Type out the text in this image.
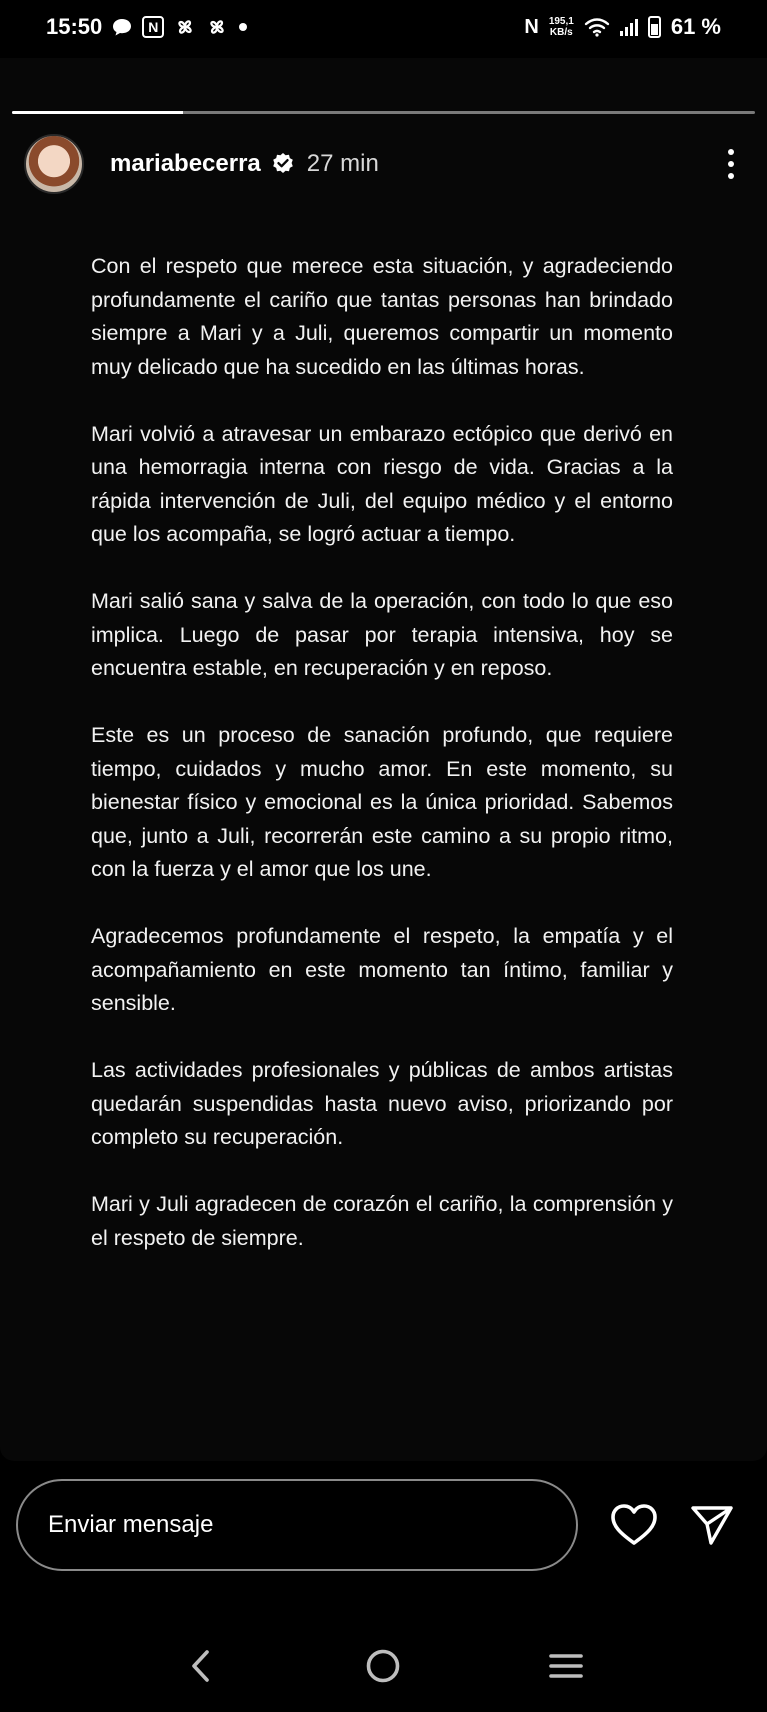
15:50	N	N 195,1
KB/s	61 %
mariabecerra 27 min

Con el respeto que merece esta situación, y agradeciendo profundamente el cariño que tantas personas han brindado siempre a Mari y a Juli, queremos compartir un momento muy delicado que ha sucedido en las últimas horas.

Mari volvió a atravesar un embarazo ectópico que derivó en una hemorragia interna con riesgo de vida. Gracias a la rápida intervención de Juli, del equipo médico y el entorno que los acompaña, se logró actuar a tiempo.

Mari salió sana y salva de la operación, con todo lo que eso implica. Luego de pasar por terapia intensiva, hoy se encuentra estable, en recuperación y en reposo.

Este es un proceso de sanación profundo, que requiere tiempo, cuidados y mucho amor. En este momento, su bienestar físico y emocional es la única prioridad. Sabemos que, junto a Juli, recorrerán este camino a su propio ritmo, con la fuerza y el amor que los une.

Agradecemos profundamente el respeto, la empatía y el acompañamiento en este momento tan íntimo, familiar y sensible.

Las actividades profesionales y públicas de ambos artistas quedarán suspendidas hasta nuevo aviso, priorizando por completo su recuperación.

Mari y Juli agradecen de corazón el cariño, la comprensión y el respeto de siempre.

Enviar mensaje
